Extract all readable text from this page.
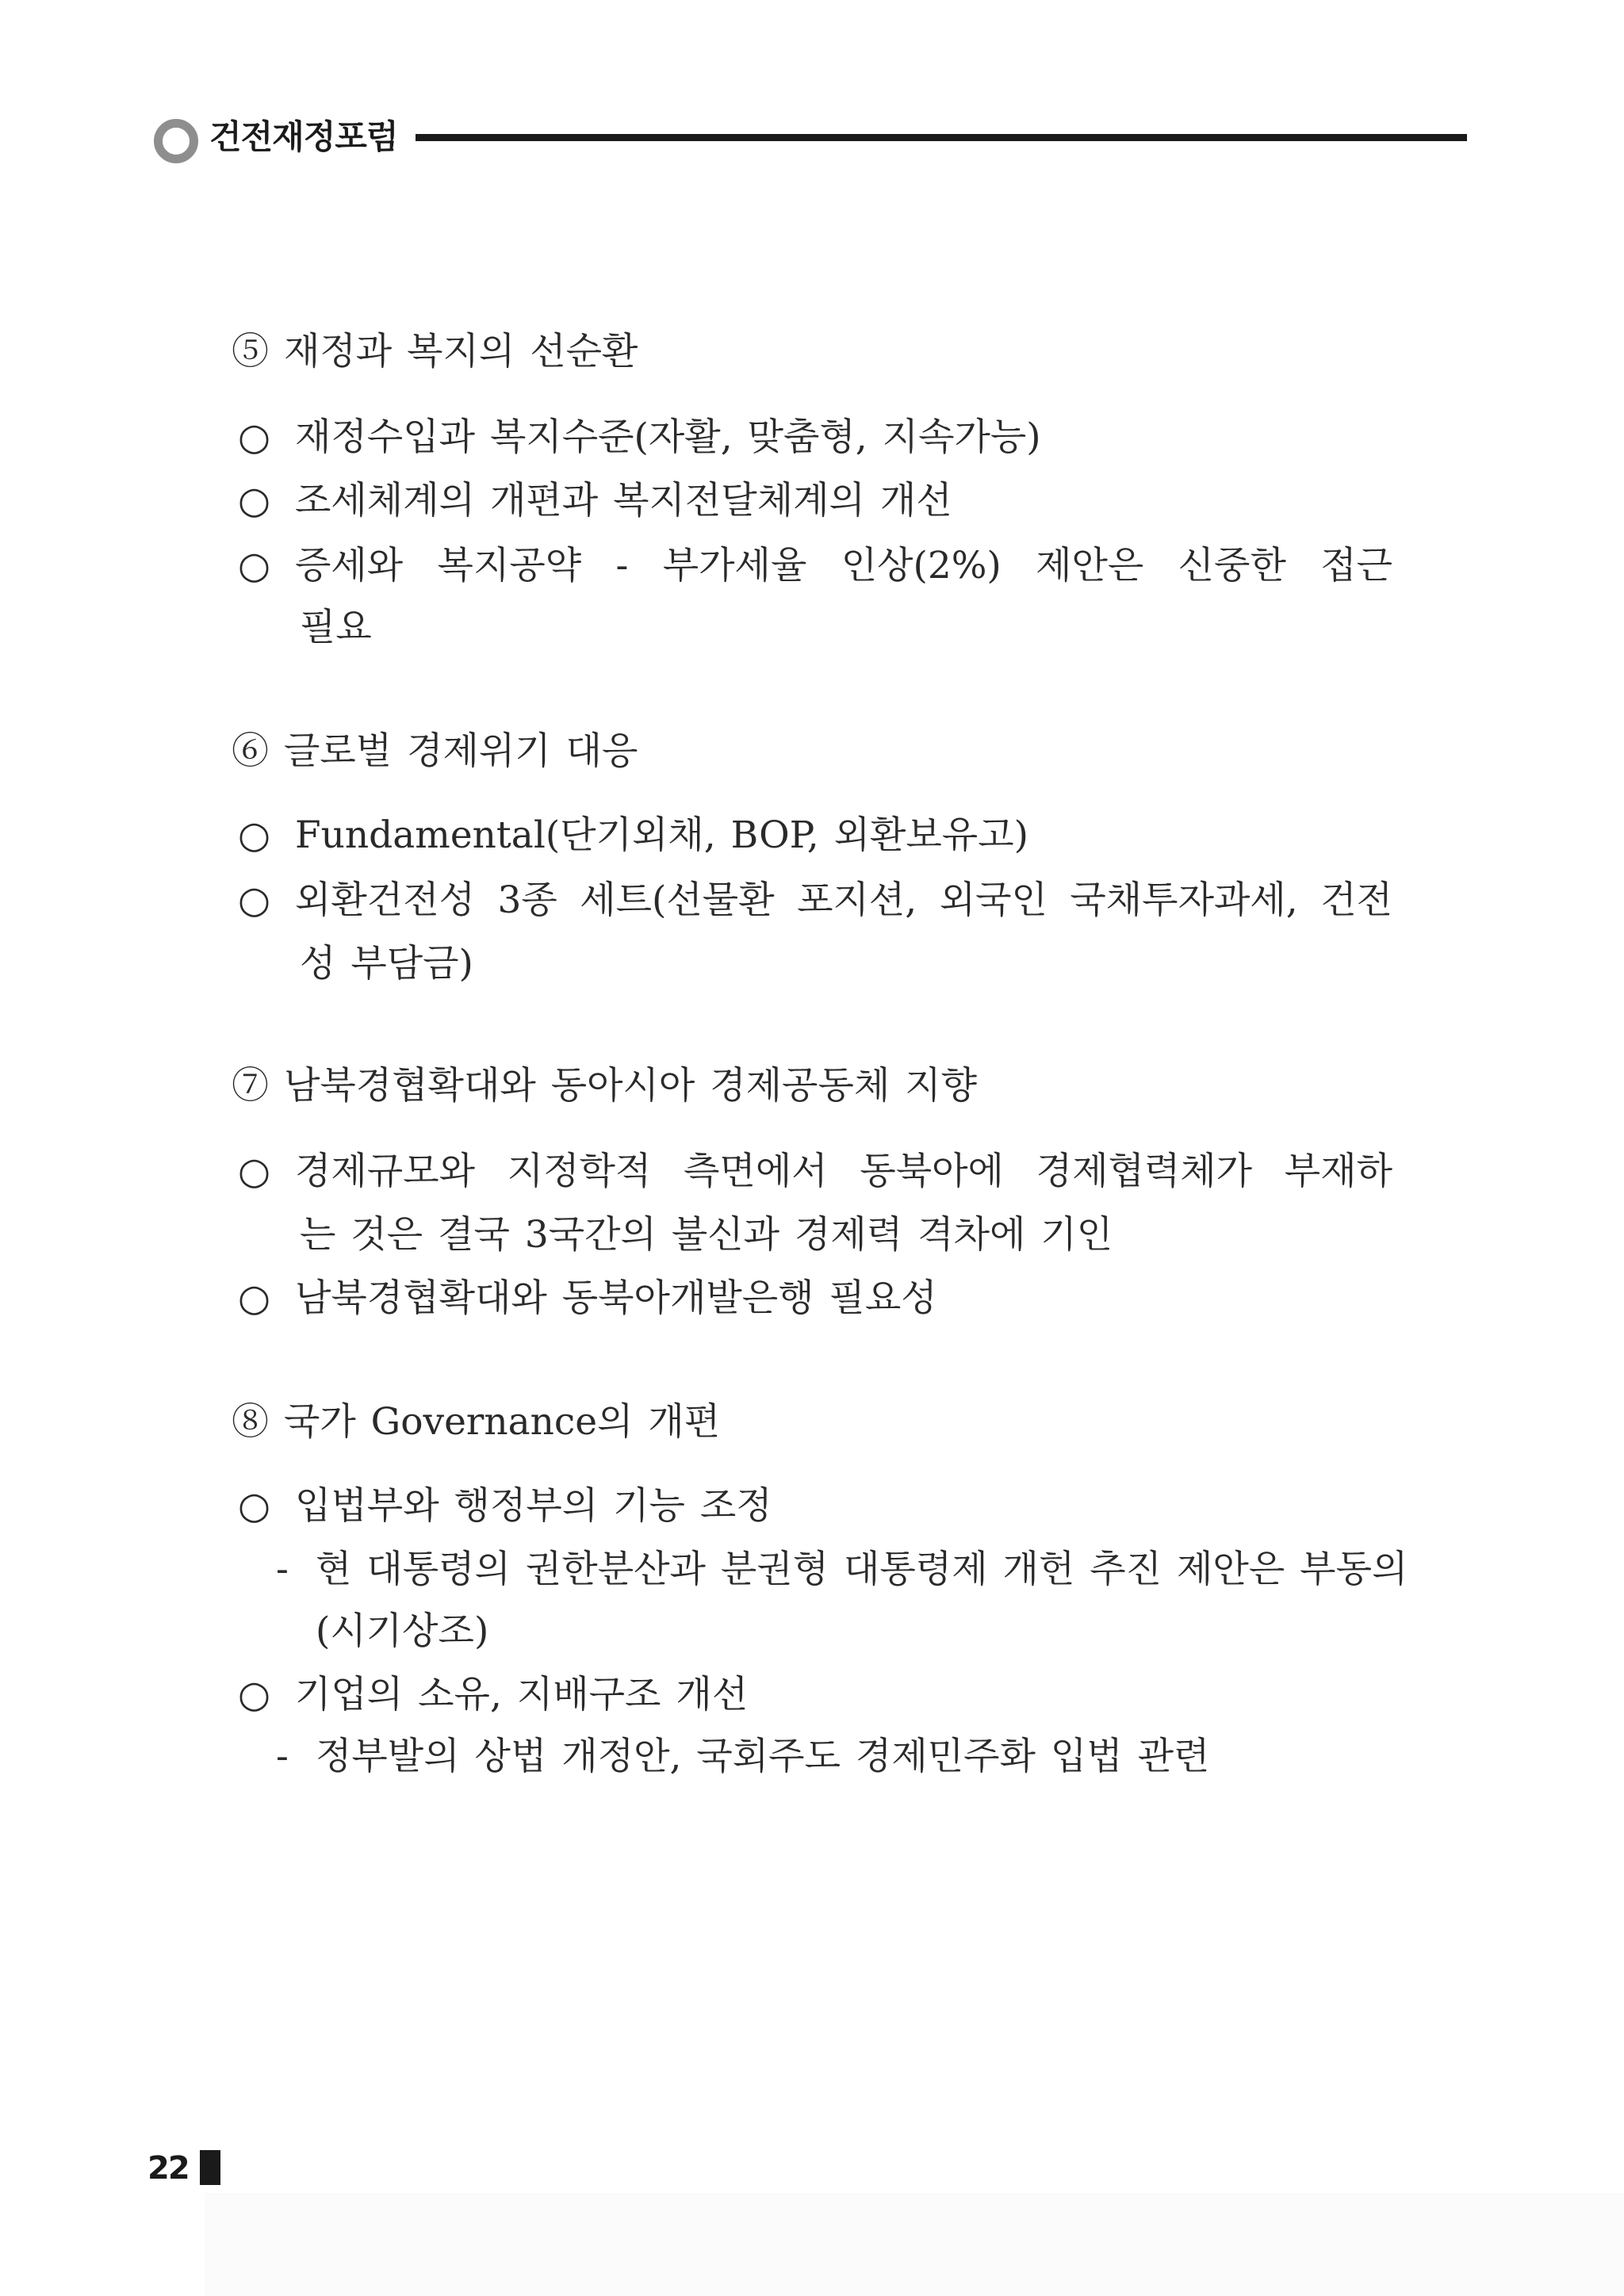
건전재정포럼
⑤ 재정과 복지의 선순환
○ 재정수입과 복지수준(자활, 맞춤형, 지속가능)
○ 조세체계의 개편과 복지전달체계의 개선
○ 증세와 복지공약 - 부가세율 인상(2%) 제안은 신중한 접근
필요
⑥ 글로벌 경제위기 대응
○ Fundamental(단기외채, BOP, 외환보유고)
○ 외환건전성 3종 세트(선물환 포지션, 외국인 국채투자과세, 건전
성 부담금)
⑦ 남북경협확대와 동아시아 경제공동체 지향
○ 경제규모와 지정학적 측면에서 동북아에 경제협력체가 부재하
는 것은 결국 3국간의 불신과 경제력 격차에 기인
○ 남북경협확대와 동북아개발은행 필요성
⑧ 국가 Governance의 개편
○ 입법부와 행정부의 기능 조정
- 현 대통령의 권한분산과 분권형 대통령제 개헌 추진 제안은 부동의
(시기상조)
○ 기업의 소유, 지배구조 개선
- 정부발의 상법 개정안, 국회주도 경제민주화 입법 관련
22
